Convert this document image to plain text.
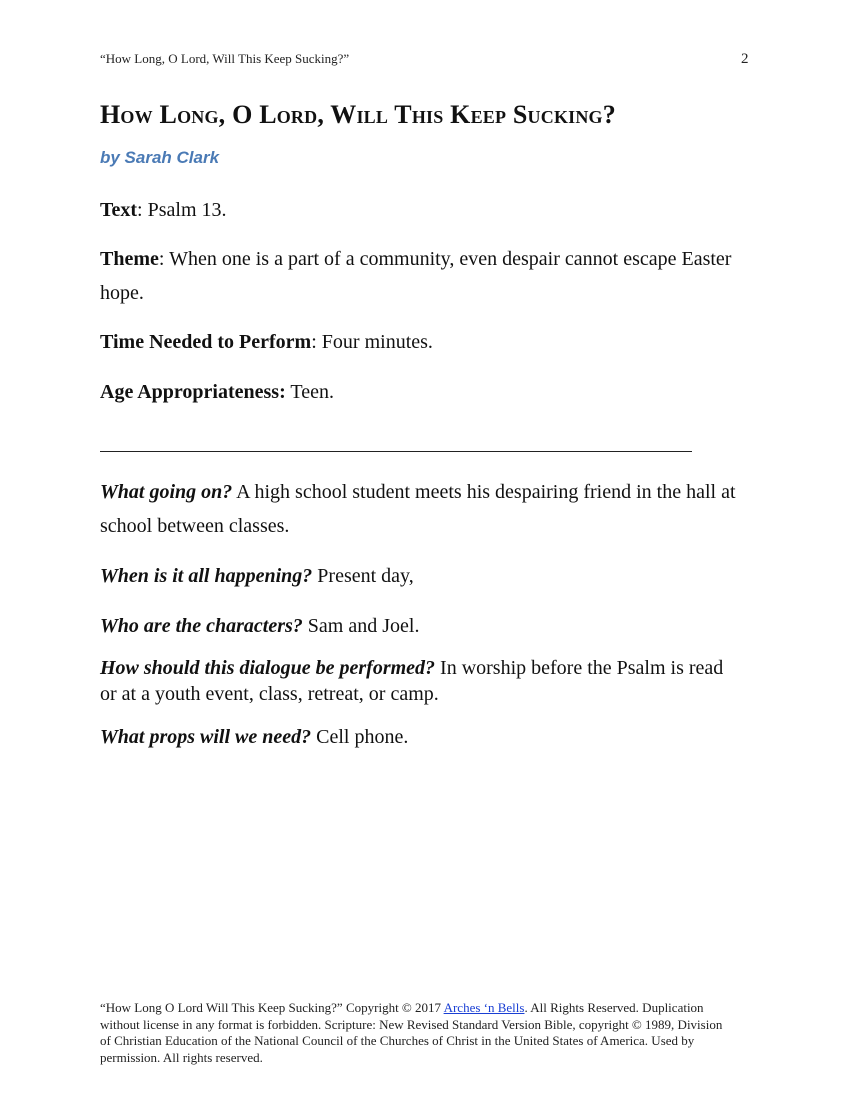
“How Long, O Lord, Will This Keep Sucking?”	2
How Long, O Lord, Will This Keep Sucking?
by Sarah Clark

Text: Psalm 13.

Theme: When one is a part of a community, even despair cannot escape Easter hope.

Time Needed to Perform: Four minutes.

Age Appropriateness: Teen.

What going on? A high school student meets his despairing friend in the hall at school between classes.

When is it all happening? Present day,

Who are the characters? Sam and Joel.

How should this dialogue be performed? In worship before the Psalm is read or at a youth event, class, retreat, or camp.

What props will we need? Cell phone.

“How Long O Lord Will This Keep Sucking?” Copyright © 2017 Arches ‘n Bells. All Rights Reserved. Duplication without license in any format is forbidden. Scripture: New Revised Standard Version Bible, copyright © 1989, Division of Christian Education of the National Council of the Churches of Christ in the United States of America. Used by permission. All rights reserved.
